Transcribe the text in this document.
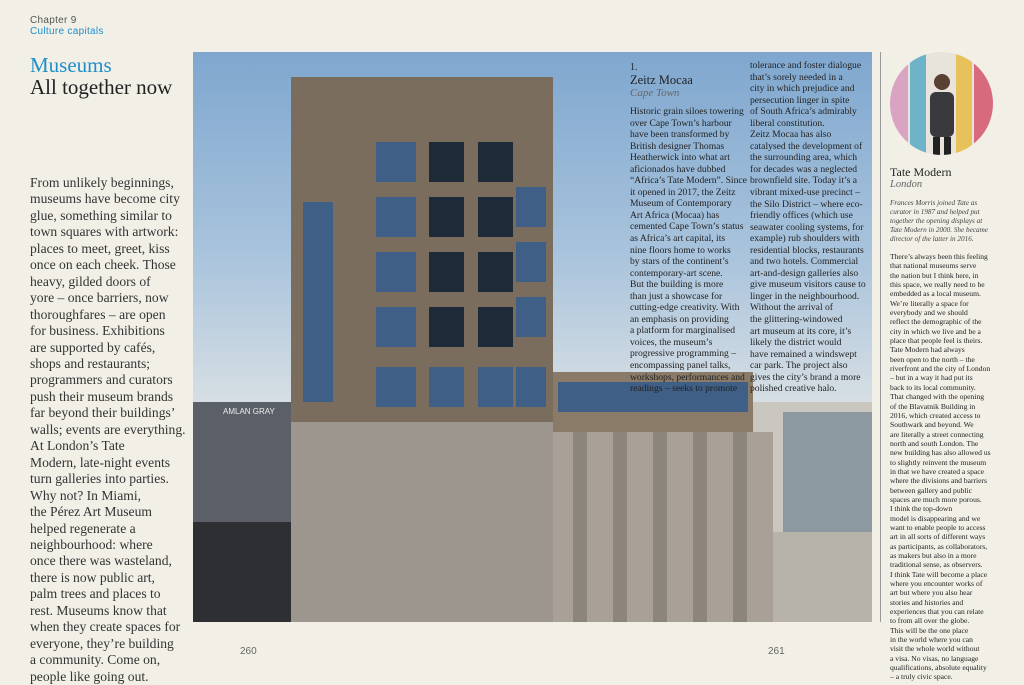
Chapter 9
Culture capitals
Museums
All together now
From unlikely beginnings,
museums have become city
glue, something similar to
town squares with artwork:
places to meet, greet, kiss
once on each cheek. Those
heavy, gilded doors of
yore – once barriers, now
thoroughfares – are open
for business. Exhibitions
are supported by cafés,
shops and restaurants;
programmers and curators
push their museum brands
far beyond their buildings’
walls; events are everything.
At London’s Tate
Modern, late-night events
turn galleries into parties.
Why not? In Miami,
the Pérez Art Museum
helped regenerate a
neighbourhood: where
once there was wasteland,
there is now public art,
palm trees and places to
rest. Museums know that
when they create spaces for
everyone, they’re building
a community. Come on,
people like going out.
AMLAN GRAY
1.
Zeitz Mocaa
Cape Town
Historic grain siloes towering
over Cape Town’s harbour
have been transformed by
British designer Thomas
Heatherwick into what art
aficionados have dubbed
“Africa’s Tate Modern”. Since
it opened in 2017, the Zeitz
Museum of Contemporary
Art Africa (Mocaa) has
cemented Cape Town’s status
as Africa’s art capital, its
nine floors home to works
by stars of the continent’s
contemporary-art scene.
But the building is more
than just a showcase for
cutting-edge creativity. With
an emphasis on providing
a platform for marginalised
voices, the museum’s
progressive programming –
encompassing panel talks,
workshops, performances and
readings – seeks to promote
tolerance and foster dialogue
that’s sorely needed in a
city in which prejudice and
persecution linger in spite
of South Africa’s admirably
liberal constitution.
Zeitz Mocaa has also
catalysed the development of
the surrounding area, which
for decades was a neglected
brownfield site. Today it’s a
vibrant mixed-use precinct –
the Silo District – where eco-
friendly offices (which use
seawater cooling systems, for
example) rub shoulders with
residential blocks, restaurants
and two hotels. Commercial
art-and-design galleries also
give museum visitors cause to
linger in the neighbourhood.
Without the arrival of
the glittering-windowed
art museum at its core, it’s
likely the district would
have remained a windswept
car park. The project also
gives the city’s brand a more
polished creative halo.
Tate Modern
London
Frances Morris joined Tate as
curator in 1987 and helped put
together the opening displays at
Tate Modern in 2000. She became
director of the latter in 2016.
There’s always been this feeling
that national museums serve
the nation but I think here, in
this space, we really need to be
embedded as a local museum.
We’re literally a space for
everybody and we should
reflect the demographic of the
city in which we live and be a
place that people feel is theirs.
Tate Modern had always
been open to the north – the
riverfront and the city of London
– but in a way it had put its
back to its local community.
That changed with the opening
of the Blavatnik Building in
2016, which created access to
Southwark and beyond. We
are literally a street connecting
north and south London. The
new building has also allowed us
to slightly reinvent the museum
in that we have created a space
where the divisions and barriers
between gallery and public
spaces are much more porous.
I think the top-down
model is disappearing and we
want to enable people to access
art in all sorts of different ways
as participants, as collaborators,
as makers but also in a more
traditional sense, as observers.
I think Tate will become a place
where you encounter works of
art but where you also hear
stories and histories and
experiences that you can relate
to from all over the globe.
This will be the one place
in the world where you can
visit the whole world without
a visa. No visas, no language
qualifications, absolute equality
– a truly civic space.
260	261
